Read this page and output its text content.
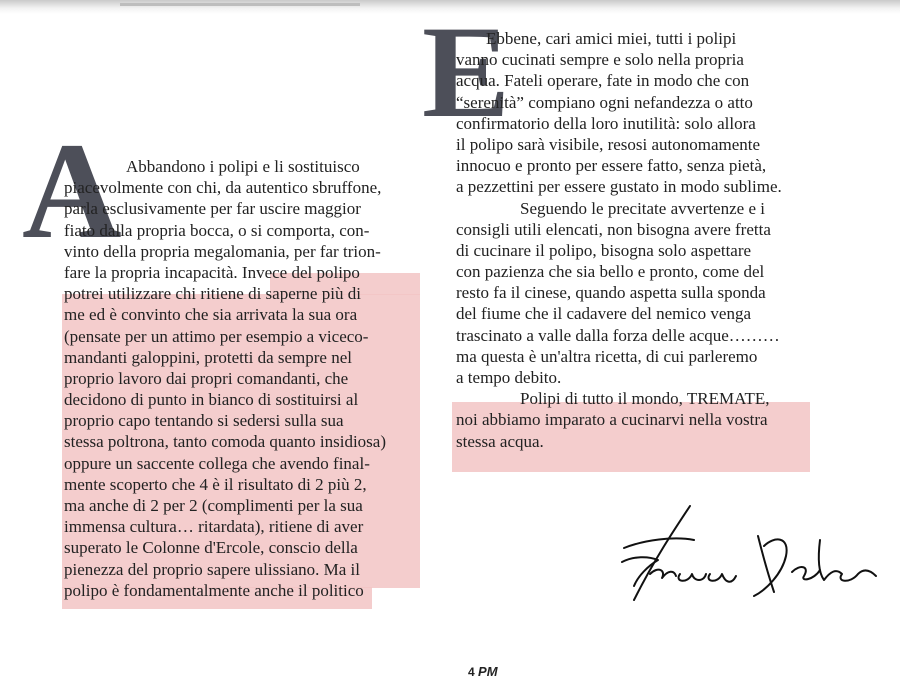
A
E
Abbandono i polipi e li sostituisco
piacevolmente con chi, da autentico sbruffone,
parla esclusivamente per far uscire maggior
fiato dalla propria bocca, o si comporta, con-
vinto della propria megalomania, per far trion-
fare la propria incapacità. Invece del polipo
potrei utilizzare chi ritiene di saperne più di
me ed è convinto che sia arrivata la sua ora
(pensate per un attimo per esempio a vicecо-
mandanti galoppini, protetti da sempre nel
proprio lavoro dai propri comandanti, che
decidono di punto in bianco di sostituirsi al
proprio capo tentando si sedersi sulla sua
stessa poltrona, tanto comoda quanto insidiosa)
oppure un saccente collega che avendo final-
mente scoperto che 4 è il risultato di 2 più 2,
ma anche di 2 per 2 (complimenti per la sua
immensa cultura… ritardata), ritiene di aver
superato le Colonne d'Ercole, conscio della
pienezza del proprio sapere ulissiano. Ma il
polipo è fondamentalmente anche il politico
Ebbene, cari amici miei, tutti i polipi
vanno cucinati sempre e solo nella propria
acqua. Fateli operare, fate in modo che con
“serenità” compiano ogni nefandezza o atto
confirmatorio della loro inutilità: solo allora
il polipo sarà visibile, resosi autonomamente
innocuo e pronto per essere fatto, senza pietà,
a pezzettini per essere gustato in modo sublime.
Seguendo le precitate avvertenze e i
consigli utili elencati, non bisogna avere fretta
di cucinare il polipo, bisogna solo aspettare
con pazienza che sia bello e pronto, come del
resto fa il cinese, quando aspetta sulla sponda
del fiume che il cadavere del nemico venga
trascinato a valle dalla forza delle acque………
ma questa è un'altra ricetta, di cui parleremo
a tempo debito.
Polipi di tutto il mondo, TREMATE,
noi abbiamo imparato a cucinarvi nella vostra
stessa acqua.
4 PM
